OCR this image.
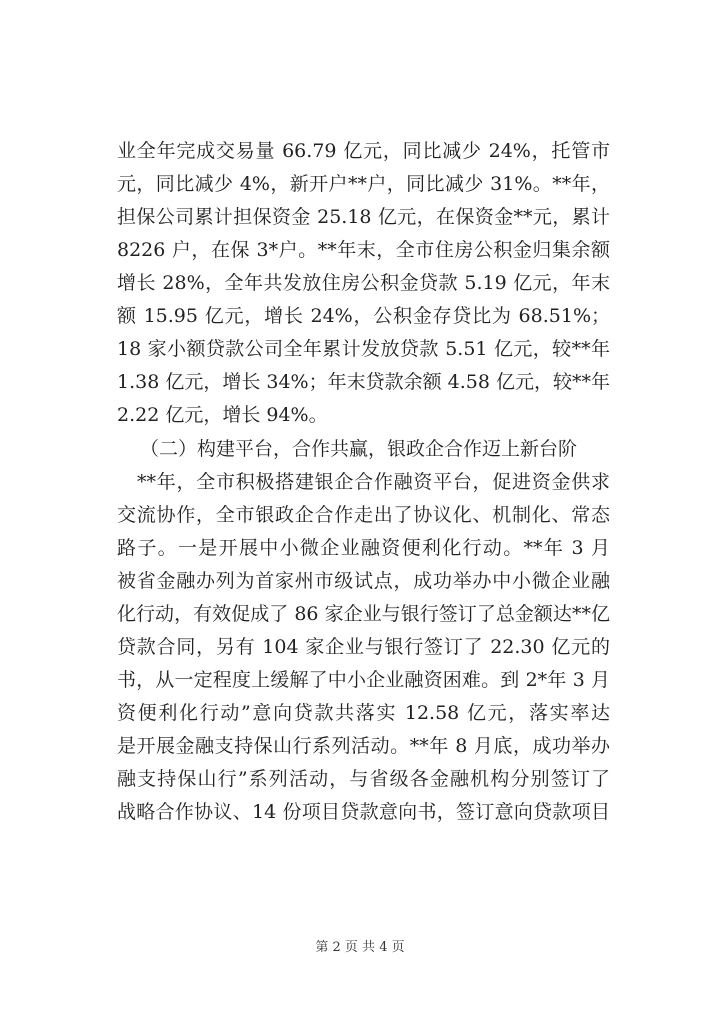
业全年完成交易量 66.79 亿元，同比减少 24%，托管市
元，同比减少 4%，新开户**户，同比减少 31%。**年，
担保公司累计担保资金 25.18 亿元，在保资金**元，累计
8226 户，在保 3*户。**年末，全市住房公积金归集余额
增长 28%，全年共发放住房公积金贷款 5.19 亿元，年末
额 15.95 亿元，增长 24%，公积金存贷比为 68.51%；
18 家小额贷款公司全年累计发放贷款 5.51 亿元，较**年
1.38 亿元，增长 34%；年末贷款余额 4.58 亿元，较**年
2.22 亿元，增长 94%。
（二）构建平台，合作共赢，银政企合作迈上新台阶
**年，全市积极搭建银企合作融资平台，促进资金供求
交流协作，全市银政企合作走出了协议化、机制化、常态
路子。一是开展中小微企业融资便利化行动。**年 3 月
被省金融办列为首家州市级试点，成功举办中小微企业融
化行动，有效促成了 86 家企业与银行签订了总金额达**亿
贷款合同，另有 104 家企业与银行签订了 22.30 亿元的
书，从一定程度上缓解了中小企业融资困难。到 2*年 3 月
资便利化行动”意向贷款共落实 12.58 亿元，落实率达
是开展金融支持保山行系列活动。**年 8 月底，成功举办
融支持保山行”系列活动，与省级各金融机构分别签订了
战略合作协议、14 份项目贷款意向书，签订意向贷款项目
第 2 页 共 4 页
